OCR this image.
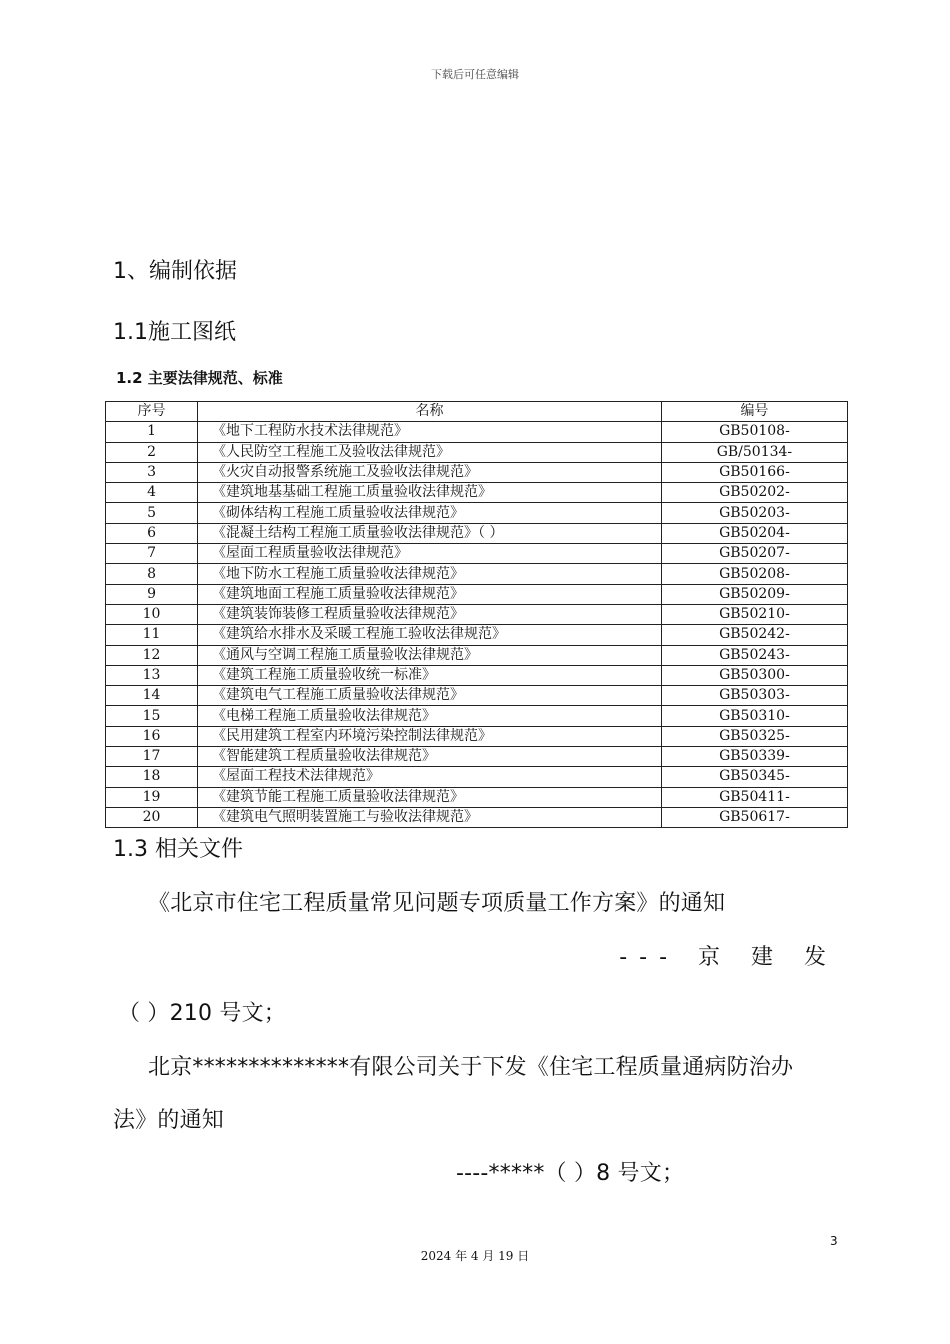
下载后可任意编辑
1、编制依据
1.1施工图纸
1.2 主要法律规范、标准
序号	名称	编号
1	《地下工程防水技术法律规范》	GB50108-
2	《人民防空工程施工及验收法律规范》	GB/50134-
3	《火灾自动报警系统施工及验收法律规范》	GB50166-
4	《建筑地基基础工程施工质量验收法律规范》	GB50202-
5	《砌体结构工程施工质量验收法律规范》	GB50203-
6	《混凝土结构工程施工质量验收法律规范》（ ）	GB50204-
7	《屋面工程质量验收法律规范》	GB50207-
8	《地下防水工程施工质量验收法律规范》	GB50208-
9	《建筑地面工程施工质量验收法律规范》	GB50209-
10	《建筑装饰装修工程质量验收法律规范》	GB50210-
11	《建筑给水排水及采暖工程施工验收法律规范》	GB50242-
12	《通风与空调工程施工质量验收法律规范》	GB50243-
13	《建筑工程施工质量验收统一标准》	GB50300-
14	《建筑电气工程施工质量验收法律规范》	GB50303-
15	《电梯工程施工质量验收法律规范》	GB50310-
16	《民用建筑工程室内环境污染控制法律规范》	GB50325-
17	《智能建筑工程质量验收法律规范》	GB50339-
18	《屋面工程技术法律规范》	GB50345-
19	《建筑节能工程施工质量验收法律规范》	GB50411-
20	《建筑电气照明装置施工与验收法律规范》	GB50617-
1.3 相关文件
《北京市住宅工程质量常见问题专项质量工作方案》的通知
--- 京 建 发
（ ）210 号文；
北京**************有限公司关于下发《住宅工程质量通病防治办
法》的通知
----*****（ ）8 号文；
3
2024 年 4 月 19 日
